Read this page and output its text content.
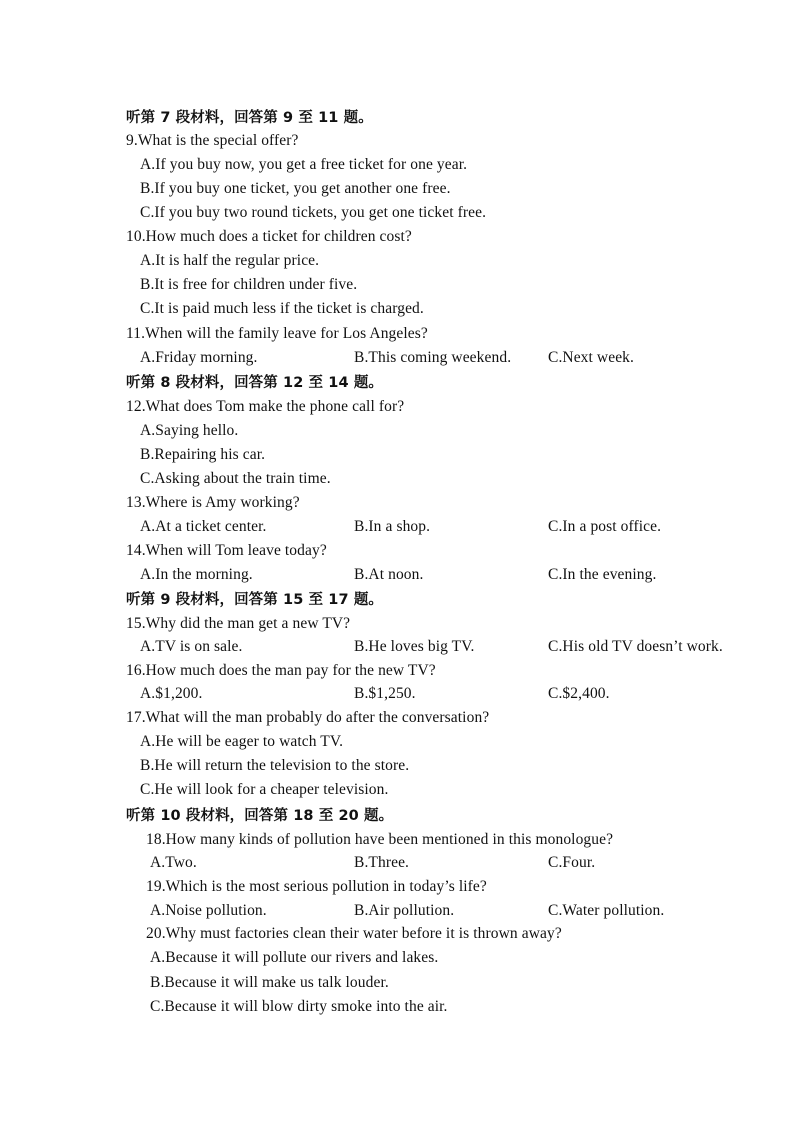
听第 7 段材料，回答第 9 至 11 题。
9.What is the special offer?
A.If you buy now, you get a free ticket for one year.
B.If you buy one ticket, you get another one free.
C.If you buy two round tickets, you get one ticket free.
10.How much does a ticket for children cost?
A.It is half the regular price.
B.It is free for children under five.
C.It is paid much less if the ticket is charged.
11.When will the family leave for Los Angeles?
A.Friday morning.	B.This coming weekend. C.Next week.
听第 8 段材料，回答第 12 至 14 题。
12.What does Tom make the phone call for?
A.Saying hello.
B.Repairing his car.
C.Asking about the train time.
13.Where is Amy working?
A.At a ticket center.	B.In a shop.	C.In a post office.
14.When will Tom leave today?
A.In the morning.	B.At noon.	C.In the evening.
听第 9 段材料，回答第 15 至 17 题。
15.Why did the man get a new TV?
A.TV is on sale.	B.He loves big TV.	C.His old TV doesn’t work.
16.How much does the man pay for the new TV?
A.$1,200.	B.$1,250.	C.$2,400.
17.What will the man probably do after the conversation?
A.He will be eager to watch TV.
B.He will return the television to the store.
C.He will look for a cheaper television.
听第 10 段材料，回答第 18 至 20 题。
18.How many kinds of pollution have been mentioned in this monologue?
A.Two.	B.Three.	C.Four.
19.Which is the most serious pollution in today’s life?
A.Noise pollution.	B.Air pollution.	C.Water pollution.
20.Why must factories clean their water before it is thrown away?
A.Because it will pollute our rivers and lakes.
B.Because it will make us talk louder.
C.Because it will blow dirty smoke into the air.
